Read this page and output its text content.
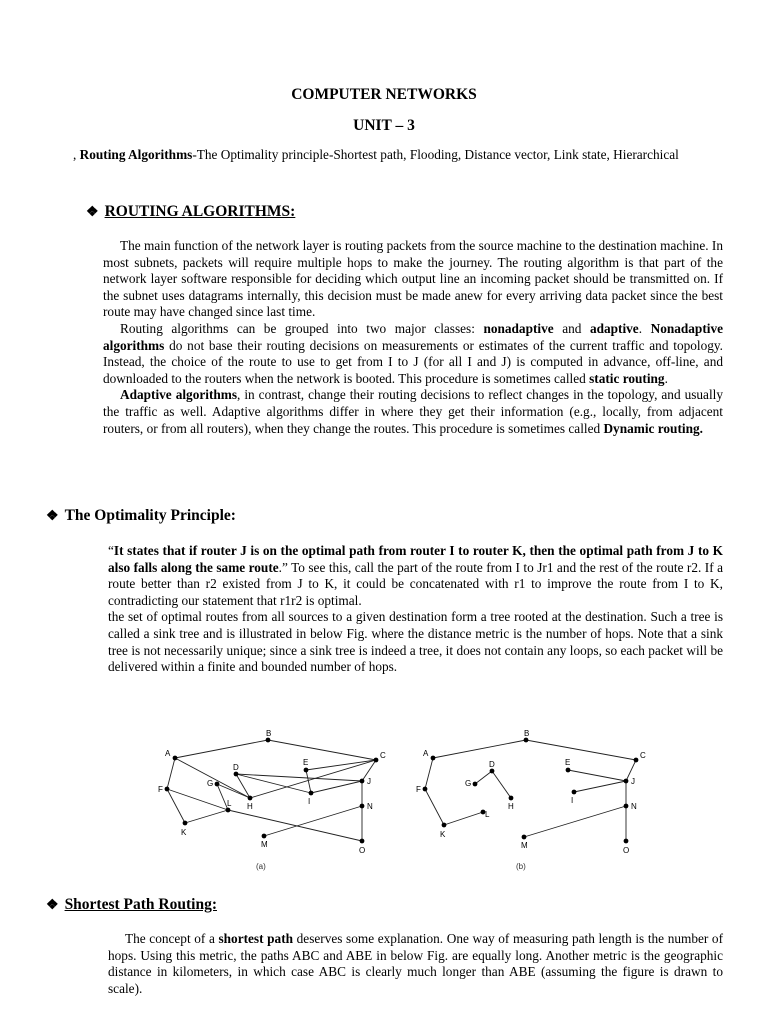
COMPUTER NETWORKS
UNIT – 3
, Routing Algorithms-The Optimality principle-Shortest path, Flooding, Distance vector, Link state, Hierarchical
❖ ROUTING ALGORITHMS:

The main function of the network layer is routing packets from the source machine to the destination machine. In most subnets, packets will require multiple hops to make the journey. The routing algorithm is that part of the network layer software responsible for deciding which output line an incoming packet should be transmitted on. If the subnet uses datagrams internally, this decision must be made anew for every arriving data packet since the best route may have changed since last time.

Routing algorithms can be grouped into two major classes: nonadaptive and adaptive. Nonadaptive algorithms do not base their routing decisions on measurements or estimates of the current traffic and topology. Instead, the choice of the route to use to get from I to J (for all I and J) is computed in advance, off-line, and downloaded to the routers when the network is booted. This procedure is sometimes called static routing.

Adaptive algorithms, in contrast, change their routing decisions to reflect changes in the topology, and usually the traffic as well. Adaptive algorithms differ in where they get their information (e.g., locally, from adjacent routers, or from all routers), when they change the routes. This procedure is sometimes called Dynamic routing.

❖ The Optimality Principle:

“It states that if router J is on the optimal path from router I to router K, then the optimal path from J to K also falls along the same route.” To see this, call the part of the route from I to Jr1 and the rest of the route r2. If a route better than r2 existed from J to K, it could be concatenated with r1 to improve the route from I to K, contradicting our statement that r1r2 is optimal.

the set of optimal routes from all sources to a given destination form a tree rooted at the destination. Such a tree is called a sink tree and is illustrated in below Fig. where the distance metric is the number of hops. Note that a sink tree is not necessarily unique; since a sink tree is indeed a tree, it does not contain any loops, so each packet will be delivered within a finite and bounded number of hops.

A
B
C
D
E
F
G
H
I
J
K
L
M
N
O
A
B
C
D	E
F
G
H
I
J
K
L
M
N
O
(a)	(b)
❖ Shortest Path Routing:

The concept of a shortest path deserves some explanation. One way of measuring path length is the number of hops. Using this metric, the paths ABC and ABE in below Fig. are equally long. Another metric is the geographic distance in kilometers, in which case ABC is clearly much longer than ABE (assuming the figure is drawn to scale).
